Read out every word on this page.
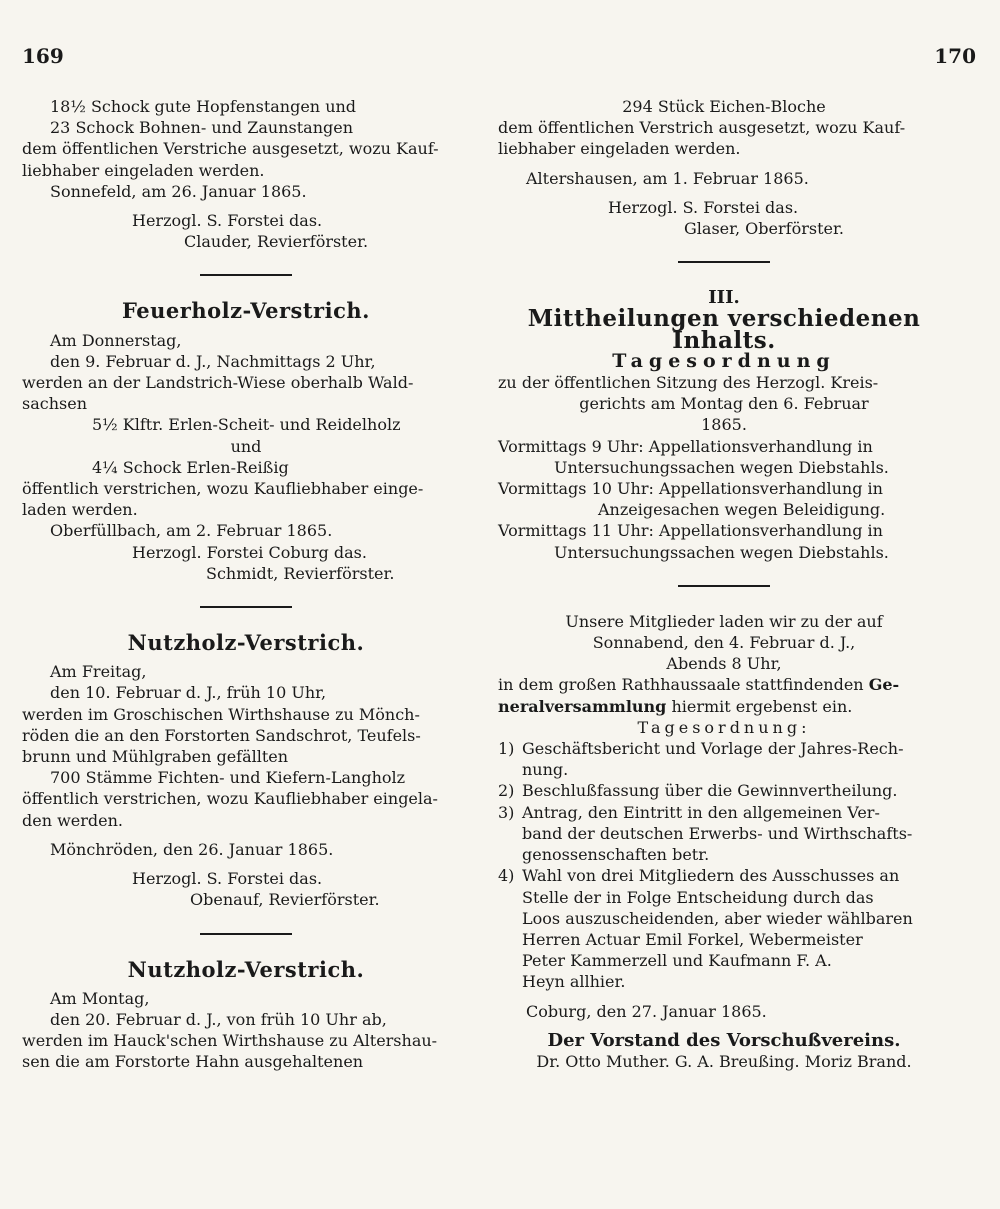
169	170

18½ Schock gute Hopfenstangen und

23 Schock Bohnen- und Zaunstangen

dem öffentlichen Verstriche ausgesetzt, wozu Kauf-

liebhaber eingeladen werden.

Sonnefeld, am 26. Januar 1865.

Herzogl. S. Forstei das.

Clauder, Revierförster.

Feuerholz-Verstrich.

Am Donnerstag,

den 9. Februar d. J., Nachmittags 2 Uhr,

werden an der Landstrich-Wiese oberhalb Wald-

sachsen

5½ Klftr. Erlen-Scheit- und Reidelholz

und

4¼ Schock Erlen-Reißig

öffentlich verstrichen, wozu Kaufliebhaber einge-

laden werden.

Oberfüllbach, am 2. Februar 1865.

Herzogl. Forstei Coburg das.

Schmidt, Revierförster.

Nutzholz-Verstrich.

Am Freitag,

den 10. Februar d. J., früh 10 Uhr,

werden im Groschischen Wirthshause zu Mönch-

röden die an den Forstorten Sandschrot, Teufels-

brunn und Mühlgraben gefällten

700 Stämme Fichten- und Kiefern-Langholz

öffentlich verstrichen, wozu Kaufliebhaber eingela-

den werden.

Mönchröden, den 26. Januar 1865.

Herzogl. S. Forstei das.

Obenauf, Revierförster.

Nutzholz-Verstrich.

Am Montag,

den 20. Februar d. J., von früh 10 Uhr ab,

werden im Hauck'schen Wirthshause zu Altershau-

sen die am Forstorte Hahn ausgehaltenen

294 Stück Eichen-Bloche

dem öffentlichen Verstrich ausgesetzt, wozu Kauf-

liebhaber eingeladen werden.

Altershausen, am 1. Februar 1865.

Herzogl. S. Forstei das.

Glaser, Oberförster.

III.

Mittheilungen verschiedenen Inhalts.

Tagesordnung

zu der öffentlichen Sitzung des Herzogl. Kreis-

gerichts am Montag den 6. Februar

1865.

Vormittags 9 Uhr: Appellationsverhandlung in

Untersuchungssachen wegen Diebstahls.

Vormittags 10 Uhr: Appellationsverhandlung in

Anzeigesachen wegen Beleidigung.

Vormittags 11 Uhr: Appellationsverhandlung in

Untersuchungssachen wegen Diebstahls.

Unsere Mitglieder laden wir zu der auf

Sonnabend, den 4. Februar d. J.,

Abends 8 Uhr,

in dem großen Rathhaussaale stattfindenden Ge-

neralversammlung hiermit ergebenst ein.

Tagesordnung:

1) Geschäftsbericht und Vorlage der Jahres-Rech-

nung.

2) Beschlußfassung über die Gewinnvertheilung.

3) Antrag, den Eintritt in den allgemeinen Ver-

band der deutschen Erwerbs- und Wirthschafts-

genossenschaften betr.

4) Wahl von drei Mitgliedern des Ausschusses an

Stelle der in Folge Entscheidung durch das

Loos auszuscheidenden, aber wieder wählbaren

Herren Actuar Emil Forkel, Webermeister

Peter Kammerzell und Kaufmann F. A.

Heyn allhier.

Coburg, den 27. Januar 1865.

Der Vorstand des Vorschußvereins.

Dr. Otto Muther. G. A. Breußing. Moriz Brand.
